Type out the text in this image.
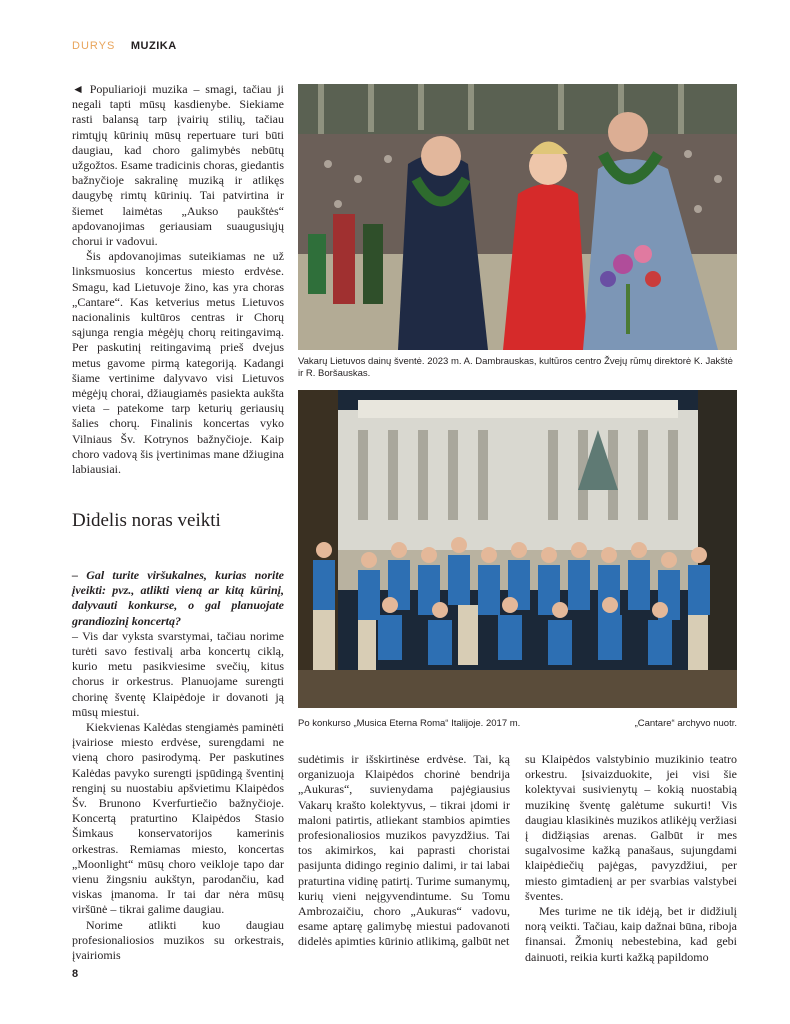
DURYS MUZIKA

◄ Populiarioji muzika – smagi, tačiau ji negali tapti mūsų kasdienybe. Siekiame rasti balansą tarp įvairių stilių, tačiau rimtųjų kūrinių mūsų repertuare turi būti daugiau, kad choro galimybės nebūtų užgožtos. Esame tradicinis choras, giedantis bažnyčioje sakralinę muziką ir atlikęs daugybę rimtų kūrinių. Tai patvirtina ir šiemet laimėtas „Aukso paukštės“ apdovanojimas geriausiam suaugusiųjų chorui ir vadovui.

Šis apdovanojimas suteikiamas ne už linksmuosius koncertus miesto erdvėse. Smagu, kad Lietuvoje žino, kas yra choras „Cantare“. Kas ketverius metus Lietuvos nacionalinis kultūros centras ir Chorų sąjunga rengia mėgėjų chorų reitingavimą. Per paskutinį reitingavimą prieš dvejus metus gavome pirmą kategoriją. Kadangi šiame vertinime dalyvavo visi Lietuvos mėgėjų chorai, džiaugiamės pasiekta aukšta vieta – patekome tarp keturių geriausių šalies chorų. Finalinis koncertas vyko Vilniaus Šv. Kotrynos bažnyčioje. Kaip choro vadovą šis įvertinimas mane džiugina labiausiai.

Didelis noras veikti

– Gal turite viršukalnes, kurias norite įveikti: pvz., atlikti vieną ar kitą kūrinį, dalyvauti konkurse, o gal planuojate grandiozinį koncertą?

– Vis dar vyksta svarstymai, tačiau norime turėti savo festivalį arba koncertų ciklą, kurio metu pasikviesime svečių, kitus chorus ir orkestrus. Planuojame surengti chorinę šventę Klaipėdoje ir dovanoti ją mūsų miestui.

Kiekvienas Kalėdas stengiamės paminėti įvairiose miesto erdvėse, surengdami ne vieną choro pasirodymą. Per paskutines Kalėdas pavyko surengti įspūdingą šventinį renginį su nuostabiu apšvietimu Klaipėdos Šv. Brunono Kverfurtiečio bažnyčioje. Koncertą praturtino Klaipėdos Stasio Šimkaus konservatorijos kamerinis orkestras. Remiamas miesto, koncertas „Moonlight“ mūsų choro veikloje tapo dar vienu žingsniu aukštyn, parodančiu, kad viskas įmanoma. Ir tai dar nėra mūsų viršūnė – tikrai galime daugiau.

Norime atlikti kuo daugiau profesionaliosios muzikos su orkestrais, įvairiomis

Vakarų Lietuvos dainų šventė. 2023 m. A. Dambrauskas, kultūros centro Žvejų rūmų direktorė K. Jakštė ir R. Boršauskas.
Po konkurso „Musica Eterna Roma“ Italijoje. 2017 m.	„Cantare“ archyvo nuotr.

sudėtimis ir išskirtinėse erdvėse. Tai, ką organizuoja Klaipėdos chorinė bendrija „Aukuras“, suvienydama pajėgiausius Vakarų krašto kolektyvus, – tikrai įdomi ir maloni patirtis, atliekant stambios apimties profesionaliosios muzikos pavyzdžius. Tai tos akimirkos, kai paprasti choristai pasijunta didingo reginio dalimi, ir tai labai praturtina vidinę patirtį. Turime sumanymų, kurių vieni neįgyvendintume. Su Tomu Ambrozaičiu, choro „Aukuras“ vadovu, esame aptarę galimybę miestui padovanoti didelės apimties kūrinio atlikimą, galbūt net

su Klaipėdos valstybinio muzikinio teatro orkestru. Įsivaizduokite, jei visi šie kolektyvai susivienytų – kokią nuostabią muzikinę šventę galėtume sukurti! Vis daugiau klasikinės muzikos atlikėjų veržiasi į didžiąsias arenas. Galbūt ir mes sugalvosime kažką panašaus, sujungdami klaipėdiečių pajėgas, pavyzdžiui, per miesto gimtadienį ar per svarbias valstybei šventes.

Mes turime ne tik idėją, bet ir didžiulį norą veikti. Tačiau, kaip dažnai būna, riboja finansai. Žmonių nebestebina, kad gebi dainuoti, reikia kurti kažką papildomo

8
